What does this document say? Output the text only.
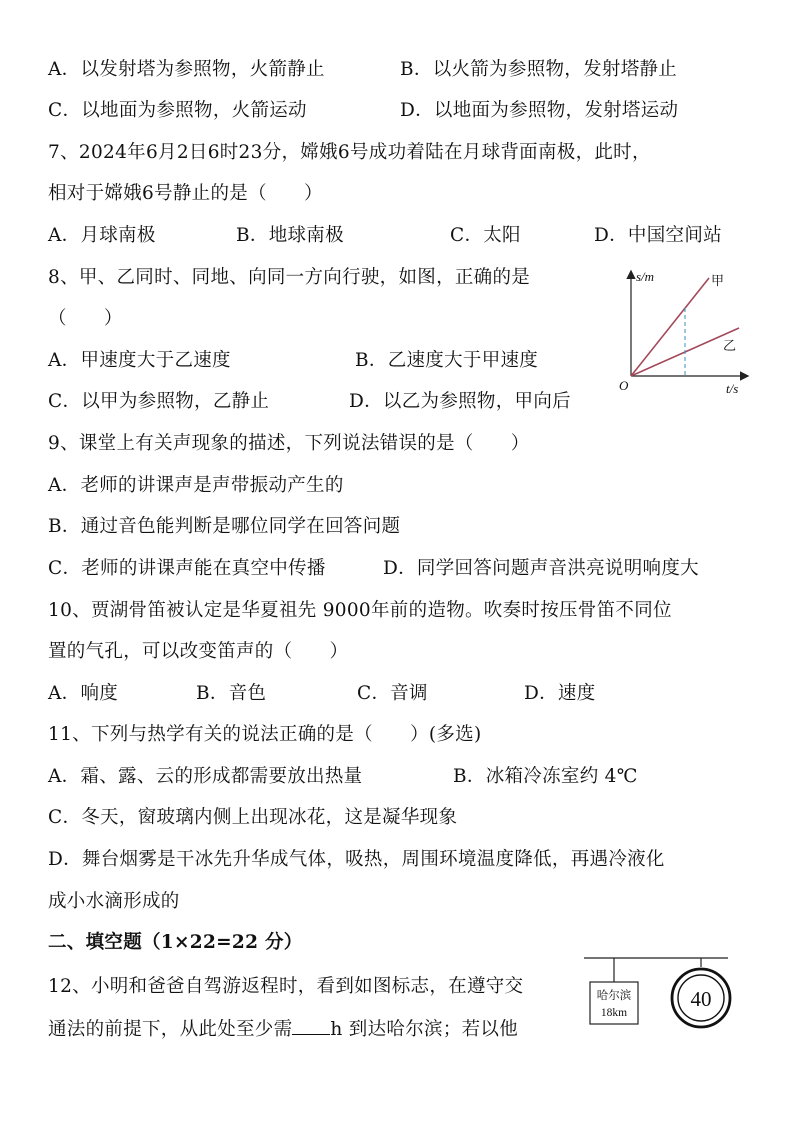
A．以发射塔为参照物，火箭静止	B．以火箭为参照物，发射塔静止
C．以地面为参照物，火箭运动	D．以地面为参照物，发射塔运动
7、2024年6月2日6时23分，嫦娥6号成功着陆在月球背面南极，此时，
相对于嫦娥6号静止的是（      ）
A．月球南极	B．地球南极	C．太阳	D．中国空间站
8、甲、乙同时、同地、向同一方向行驶，如图，正确的是
（      ）
A．甲速度大于乙速度	B．乙速度大于甲速度
C．以甲为参照物，乙静止	D．以乙为参照物，甲向后
s/m
t/s
O
甲
乙
9、课堂上有关声现象的描述，下列说法错误的是（      ）
A．老师的讲课声是声带振动产生的
B．通过音色能判断是哪位同学在回答问题
C．老师的讲课声能在真空中传播	D．同学回答问题声音洪亮说明响度大
10、贾湖骨笛被认定是华夏祖先 9000年前的造物。吹奏时按压骨笛不同位
置的气孔，可以改变笛声的（      ）
A．响度	B．音色	C．音调	D．速度
11、下列与热学有关的说法正确的是（      ）(多选)
A．霜、露、云的形成都需要放出热量	B．冰箱冷冻室约 4℃
C．冬天，窗玻璃内侧上出现冰花，这是凝华现象
D．舞台烟雾是干冰先升华成气体，吸热，周围环境温度降低，再遇冷液化
成小水滴形成的
二、填空题（1×22=22 分）
12、小明和爸爸自驾游返程时，看到如图标志，在遵守交
通法的前提下，从此处至少需 h 到达哈尔滨；若以他
哈尔滨
18km
40
